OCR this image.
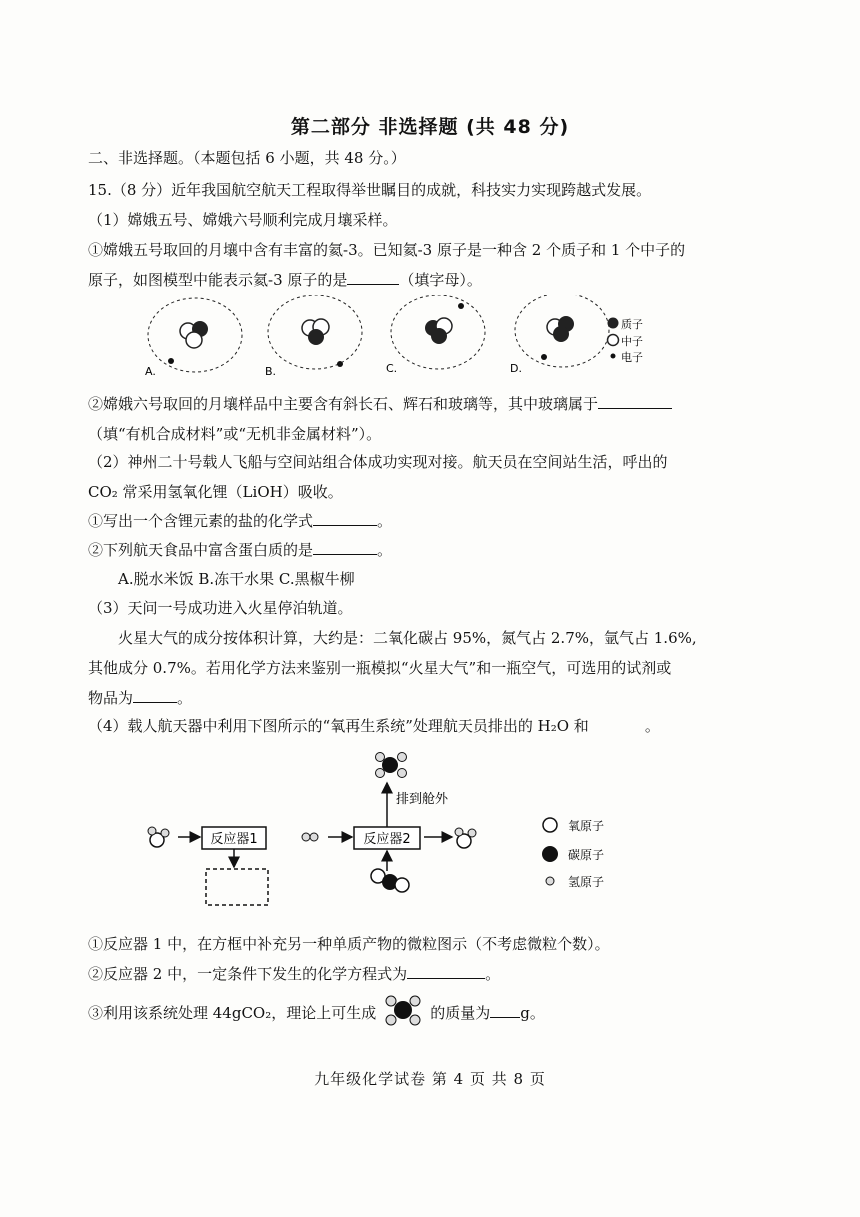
第二部分 非选择题 (共 48 分)
二、非选择题。（本题包括 6 小题，共 48 分。）
15.（8 分）近年我国航空航天工程取得举世瞩目的成就，科技实力实现跨越式发展。
（1）嫦娥五号、嫦娥六号顺利完成月壤采样。
①嫦娥五号取回的月壤中含有丰富的氦-3。已知氦-3 原子是一种含 2 个质子和 1 个中子的
原子，如图模型中能表示氦-3 原子的是	（填字母）。
A.	B.	C.	D.
质子
中子
电子
②嫦娥六号取回的月壤样品中主要含有斜长石、辉石和玻璃等，其中玻璃属于
（填“有机合成材料”或“无机非金属材料”）。
（2）神州二十号载人飞船与空间站组合体成功实现对接。航天员在空间站生活，呼出的
CO₂ 常采用氢氧化锂（LiOH）吸收。
①写出一个含锂元素的盐的化学式	。
②下列航天食品中富含蛋白质的是	。
A.脱水米饭 B.冻干水果 C.黑椒牛柳
（3）天问一号成功进入火星停泊轨道。
火星大气的成分按体积计算，大约是：二氧化碳占 95%，氮气占 2.7%，氩气占 1.6%,
其他成分 0.7%。若用化学方法来鉴别一瓶模拟“火星大气”和一瓶空气，可选用的试剂或
物品为	。
（4）载人航天器中利用下图所示的“氧再生系统”处理航天员排出的 H₂O 和	。
反应器1	反应器2
排到舱外
氧原子
碳原子
氢原子
①反应器 1 中，在方框中补充另一种单质产物的微粒图示（不考虑微粒个数）。
②反应器 2 中，一定条件下发生的化学方程式为	。
③利用该系统处理 44gCO₂，理论上可生成	的质量为 g。
九年级化学试卷 第 4 页 共 8 页
